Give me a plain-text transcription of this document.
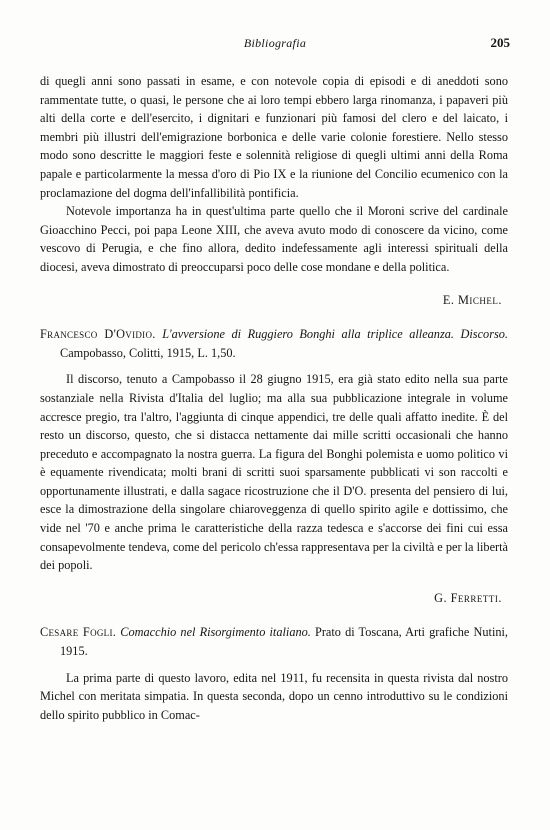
Bibliografia	205

di quegli anni sono passati in esame, e con notevole copia di episodi e di aneddoti sono rammentate tutte, o quasi, le persone che ai loro tempi ebbero larga rinomanza, i papaveri più alti della corte e dell'esercito, i dignitari e funzionari più famosi del clero e del laicato, i membri più illustri dell'emigrazione borbonica e delle varie colonie forestiere. Nello stesso modo sono descritte le maggiori feste e solennità religiose di quegli ultimi anni della Roma papale e particolarmente la messa d'oro di Pio IX e la riunione del Concilio ecumenico con la proclamazione del dogma dell'infallibilità pontificia.

Notevole importanza ha in quest'ultima parte quello che il Moroni scrive del cardinale Gioacchino Pecci, poi papa Leone XIII, che aveva avuto modo di conoscere da vicino, come vescovo di Perugia, e che fino allora, dedito indefessamente agli interessi spirituali della diocesi, aveva dimostrato di preoccuparsi poco delle cose mondane e della politica.

E. Michel.

Francesco D'Ovidio. L'avversione di Ruggiero Bonghi alla triplice alleanza. Discorso. Campobasso, Colitti, 1915, L. 1,50.

Il discorso, tenuto a Campobasso il 28 giugno 1915, era già stato edito nella sua parte sostanziale nella Rivista d'Italia del luglio; ma alla sua pubblicazione integrale in volume accresce pregio, tra l'altro, l'aggiunta di cinque appendici, tre delle quali affatto inedite. È del resto un discorso, questo, che si distacca nettamente dai mille scritti occasionali che hanno preceduto e accompagnato la nostra guerra. La figura del Bonghi polemista e uomo politico vi è equamente rivendicata; molti brani di scritti suoi sparsamente pubblicati vi son raccolti e opportunamente illustrati, e dalla sagace ricostruzione che il D'O. presenta del pensiero di lui, esce la dimostrazione della singolare chiaroveggenza di quello spirito agile e dottissimo, che vide nel '70 e anche prima le caratteristiche della razza tedesca e s'accorse dei fini cui essa consapevolmente tendeva, come del pericolo ch'essa rappresentava per la civiltà e per la libertà dei popoli.

G. Ferretti.

Cesare Fogli. Comacchio nel Risorgimento italiano. Prato di Toscana, Arti grafiche Nutini, 1915.

La prima parte di questo lavoro, edita nel 1911, fu recensita in questa rivista dal nostro Michel con meritata simpatia. In questa seconda, dopo un cenno introduttivo su le condizioni dello spirito pubblico in Comac-
